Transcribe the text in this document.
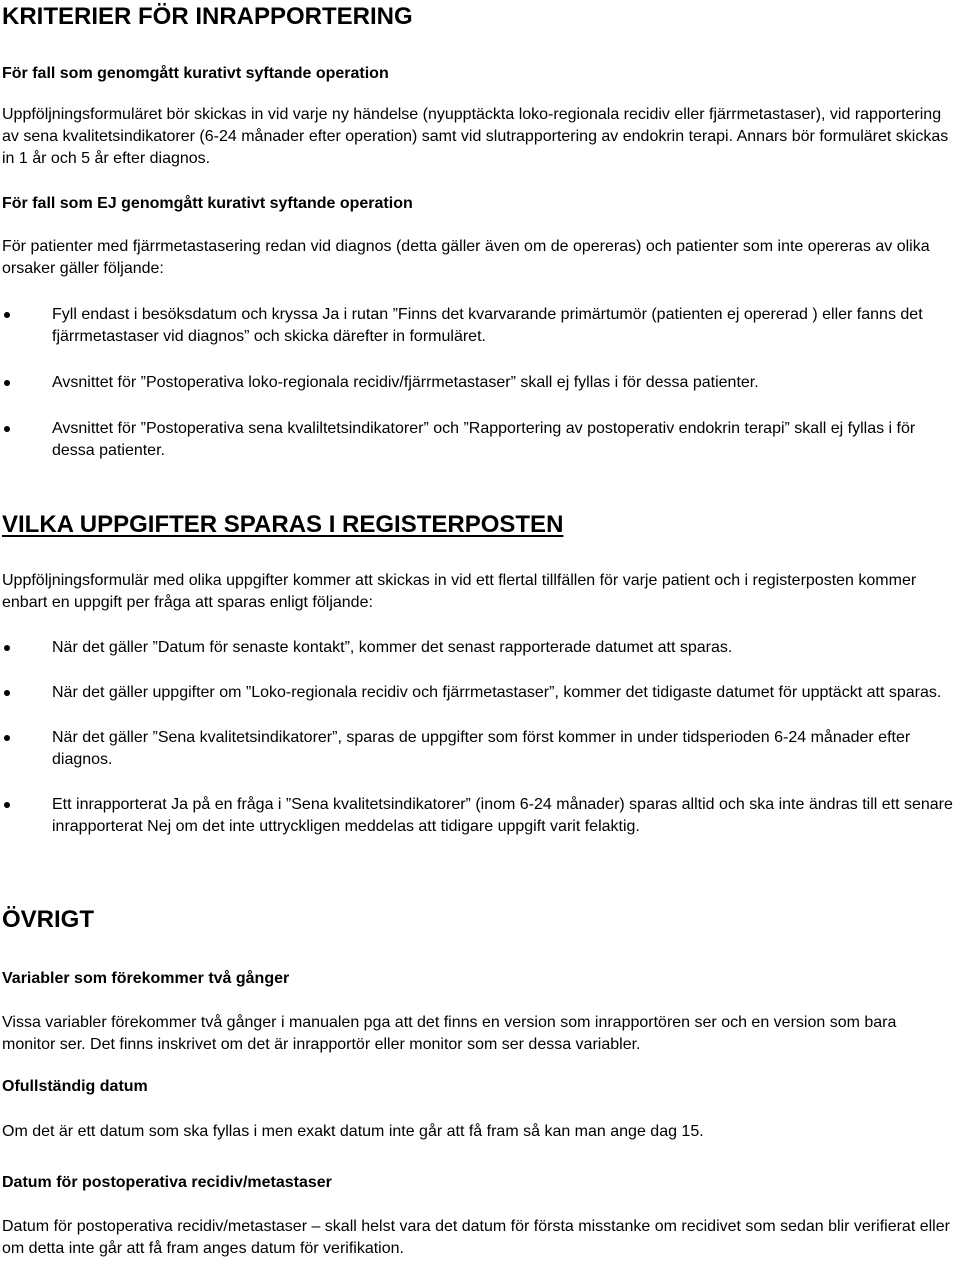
KRITERIER FÖR INRAPPORTERING
För fall som genomgått kurativt syftande operation

Uppföljningsformuläret bör skickas in vid varje ny händelse (nyupptäckta loko-regionala recidiv eller fjärrmetastaser), vid rapportering av sena kvalitetsindikatorer (6-24 månader efter operation) samt vid slutrapportering av endokrin terapi. Annars bör formuläret skickas in 1 år och 5 år efter diagnos.

För fall som EJ genomgått kurativt syftande operation

För patienter med fjärrmetastasering redan vid diagnos (detta gäller även om de opereras) och patienter som inte opereras av olika orsaker gäller följande:

Fyll endast i besöksdatum och kryssa Ja i rutan ”Finns det kvarvarande primärtumör (patienten ej opererad ) eller fanns det fjärrmetastaser vid diagnos” och skicka därefter in formuläret.
Avsnittet för ”Postoperativa loko-regionala recidiv/fjärrmetastaser” skall ej fyllas i för dessa patienter.
Avsnittet för ”Postoperativa sena kvaliltetsindikatorer” och ”Rapportering av postoperativ endokrin terapi” skall ej fyllas i för dessa patienter.
VILKA UPPGIFTER SPARAS I REGISTERPOSTEN

Uppföljningsformulär med olika uppgifter kommer att skickas in vid ett flertal tillfällen för varje patient och i registerposten kommer enbart en uppgift per fråga att sparas enligt följande:

När det gäller ”Datum för senaste kontakt”, kommer det senast rapporterade datumet att sparas.
När det gäller uppgifter om ”Loko-regionala recidiv och fjärrmetastaser”, kommer det tidigaste datumet för upptäckt att sparas.
När det gäller ”Sena kvalitetsindikatorer”, sparas de uppgifter som först kommer in under tidsperioden 6-24 månader efter diagnos.
Ett inrapporterat Ja på en fråga i ”Sena kvalitetsindikatorer” (inom 6-24 månader) sparas alltid och ska inte ändras till ett senare inrapporterat Nej om det inte uttryckligen meddelas att tidigare uppgift varit felaktig.
ÖVRIGT
Variabler som förekommer två gånger

Vissa variabler förekommer två gånger i manualen pga att det finns en version som inrapportören ser och en version som bara monitor ser. Det finns inskrivet om det är inrapportör eller monitor som ser dessa variabler.

Ofullständig datum

Om det är ett datum som ska fyllas i men exakt datum inte går att få fram så kan man ange dag 15.

Datum för postoperativa recidiv/metastaser

Datum för postoperativa recidiv/metastaser – skall helst vara det datum för första misstanke om recidivet som sedan blir verifierat eller om detta inte går att få fram anges datum för verifikation.
